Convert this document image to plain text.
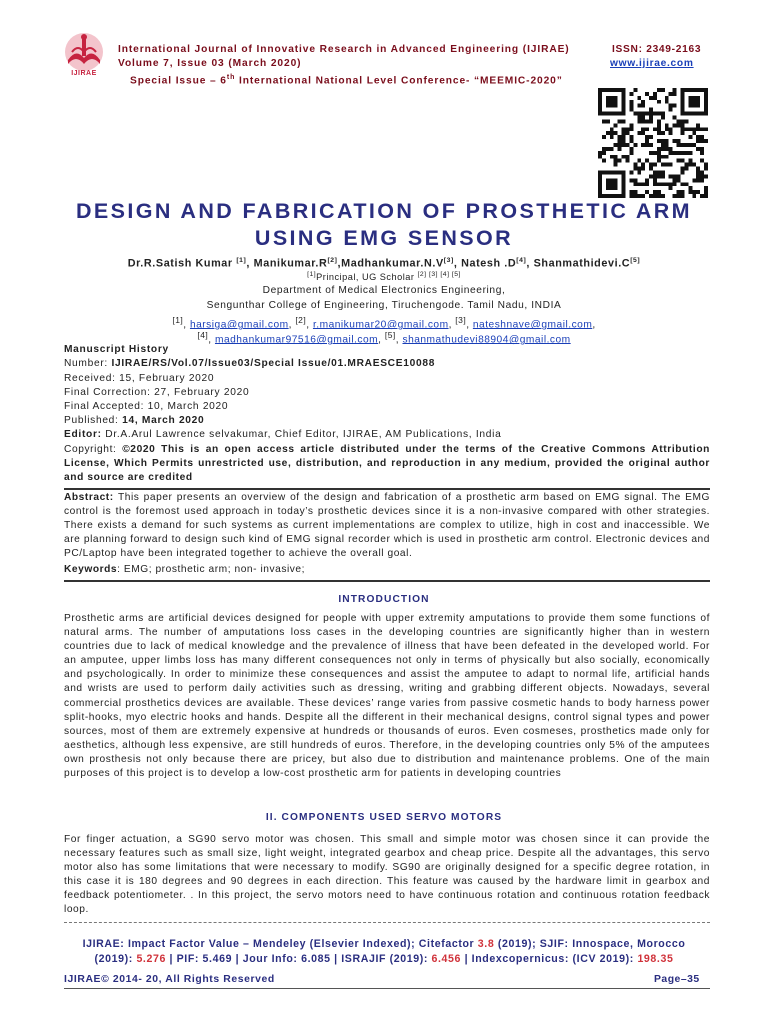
IJIRAE
International Journal of Innovative Research in Advanced Engineering (IJIRAE)
Volume 7, Issue 03 (March 2020)
Special Issue – 6th International National Level Conference- “MEEMIC-2020”
ISSN: 2349-2163
www.ijirae.com
DESIGN AND FABRICATION OF PROSTHETIC ARM
USING EMG SENSOR
Dr.R.Satish Kumar [1], Manikumar.R[2],Madhankumar.N.V[3], Natesh .D[4], Shanmathidevi.C[5]
[1]Principal, UG Scholar [2] [3] [4] [5]
Department of Medical Electronics Engineering,
Sengunthar College of Engineering, Tiruchengode. Tamil Nadu, INDIA
[1], harsiga@gmail.com, [2], r.manikumar20@gmail.com, [3], nateshnave@gmail.com,
[4], madhankumar97516@gmail.com, [5], shanmathudevi88904@gmail.com
Manuscript History
Number: IJIRAE/RS/Vol.07/Issue03/Special Issue/01.MRAESCE10088
Received: 15, February 2020
Final Correction: 27, February 2020
Final Accepted: 10, March 2020
Published: 14, March 2020
Editor: Dr.A.Arul Lawrence selvakumar, Chief Editor, IJIRAE, AM Publications, India
Copyright: ©2020 This is an open access article distributed under the terms of the Creative Commons Attribution License, Which Permits unrestricted use, distribution, and reproduction in any medium, provided the original author and source are credited
Abstract: This paper presents an overview of the design and fabrication of a prosthetic arm based on EMG signal. The EMG control is the foremost used approach in today’s prosthetic devices since it is a non-invasive compared with other strategies. There exists a demand for such systems as current implementations are complex to utilize, high in cost and inaccessible. We are planning forward to design such kind of EMG signal recorder which is used in prosthetic arm control. Electronic devices and PC/Laptop have been integrated together to achieve the overall goal.
Keywords: EMG; prosthetic arm; non- invasive;
INTRODUCTION
Prosthetic arms are artificial devices designed for people with upper extremity amputations to provide them some functions of natural arms. The number of amputations loss cases in the developing countries are significantly higher than in western countries due to lack of medical knowledge and the prevalence of illness that have been defeated in the developed world. For an amputee, upper limbs loss has many different consequences not only in terms of physically but also socially, economically and psychologically. In order to minimize these consequences and assist the amputee to adapt to normal life, artificial hands and wrists are used to perform daily activities such as dressing, writing and grabbing different objects. Nowadays, several commercial prosthetics devices are available. These devices’ range varies from passive cosmetic hands to body harness power split-hooks, myo electric hooks and hands. Despite all the different in their mechanical designs, control signal types and power sources, most of them are extremely expensive at hundreds or thousands of euros. Even cosmeses, prosthetics made only for aesthetics, although less expensive, are still hundreds of euros. Therefore, in the developing countries only 5% of the amputees own prosthesis not only because there are pricey, but also due to distribution and maintenance problems. One of the main purposes of this project is to develop a low-cost prosthetic arm for patients in developing countries
II. COMPONENTS USED SERVO MOTORS
For finger actuation, a SG90 servo motor was chosen. This small and simple motor was chosen since it can provide the necessary features such as small size, light weight, integrated gearbox and cheap price. Despite all the advantages, this servo motor also has some limitations that were necessary to modify. SG90 are originally designed for a specific degree rotation, in this case it is 180 degrees and 90 degrees in each direction. This feature was caused by the hardware limit in gearbox and feedback potentiometer. . In this project, the servo motors need to have continuous rotation and continuous rotation feedback loop.
IJIRAE: Impact Factor Value – Mendeley (Elsevier Indexed); Citefactor 3.8 (2019); SJIF: Innospace, Morocco
(2019): 5.276 | PIF: 5.469 | Jour Info: 6.085 | ISRAJIF (2019): 6.456 | Indexcopernicus: (ICV 2019): 198.35
IJIRAE© 2014- 20, All Rights Reserved	Page–35
